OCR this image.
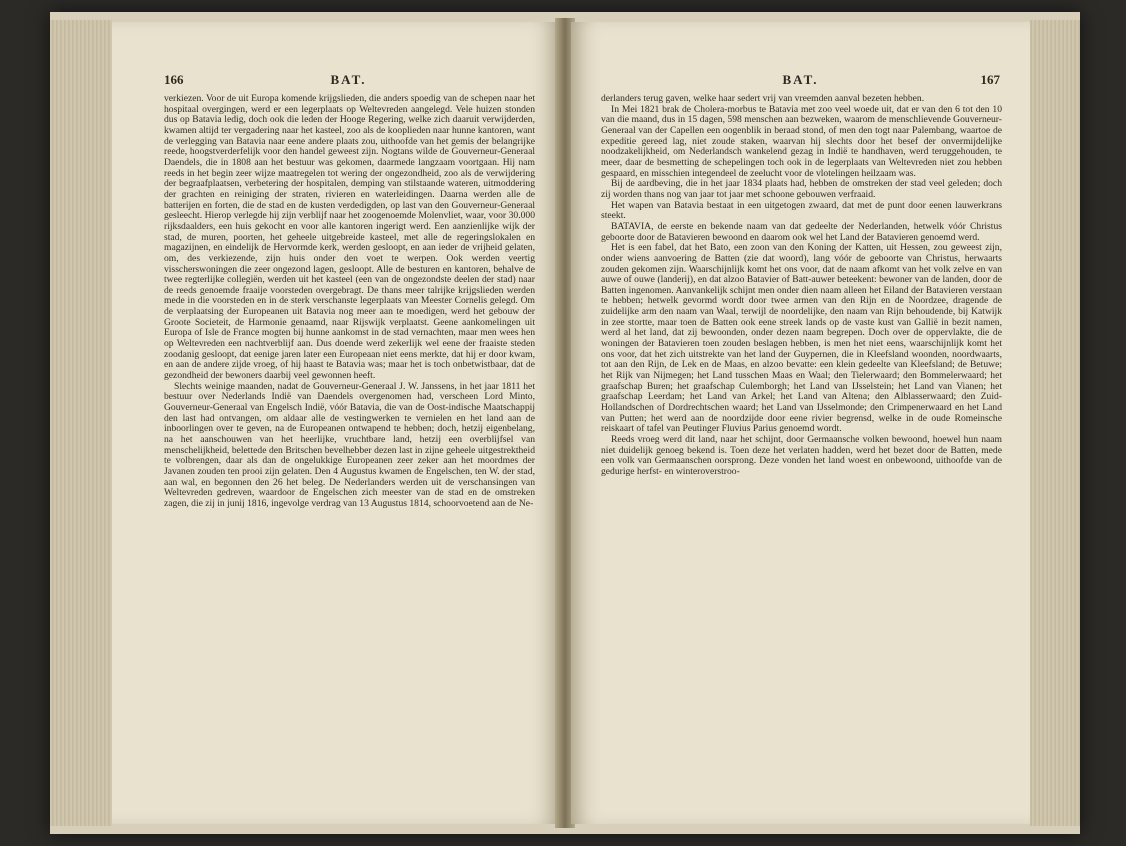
166	BAT.

verkiezen. Voor de uit Europa komende krijgslieden, die anders spoedig van de schepen naar het hospitaal overgingen, werd er een legerplaats op Weltevreden aangelegd. Vele huizen stonden dus op Batavia ledig, doch ook die leden der Hooge Regering, welke zich daaruit verwijderden, kwamen altijd ter vergadering naar het kasteel, zoo als de kooplieden naar hunne kantoren, want de verlegging van Batavia naar eene andere plaats zou, uithoofde van het gemis der belangrijke reede, hoogstverderfelijk voor den handel geweest zijn. Nogtans wilde de Gouverneur-Generaal Daendels, die in 1808 aan het bestuur was gekomen, daarmede langzaam voortgaan. Hij nam reeds in het begin zeer wijze maatregelen tot wering der ongezondheid, zoo als de verwijdering der begraafplaatsen, verbetering der hospitalen, demping van stilstaande wateren, uitmoddering der grachten en reiniging der straten, rivieren en waterleidingen. Daarna werden alle de batterijen en forten, die de stad en de kusten verdedigden, op last van den Gouverneur-Generaal gesleecht. Hierop verlegde hij zijn verblijf naar het zoogenoemde Molenvliet, waar, voor 30.000 rijksdaalders, een huis gekocht en voor alle kantoren ingerigt werd. Een aanzienlijke wijk der stad, de muren, poorten, het geheele uitgebreide kasteel, met alle de regeringslokalen en magazijnen, en eindelijk de Hervormde kerk, werden gesloopt, en aan ieder de vrijheid gelaten, om, des verkiezende, zijn huis onder den voet te werpen. Ook werden veertig visscherswoningen die zeer ongezond lagen, gesloopt. Alle de besturen en kantoren, behalve de twee regterlijke collegiën, werden uit het kasteel (een van de ongezondste deelen der stad) naar de reeds genoemde fraaije voorsteden overgebragt. De thans meer talrijke krijgslieden werden mede in die voorsteden en in de sterk verschanste legerplaats van Meester Cornelis gelegd. Om de verplaatsing der Europeanen uit Batavia nog meer aan te moedigen, werd het gebouw der Groote Societeit, de Harmonie genaamd, naar Rijswijk verplaatst. Geene aankomelingen uit Europa of Isle de France mogten bij hunne aankomst in de stad vernachten, maar men wees hen op Weltevreden een nachtverblijf aan. Dus doende werd zekerlijk wel eene der fraaiste steden zoodanig gesloopt, dat eenige jaren later een Europeaan niet eens merkte, dat hij er door kwam, en aan de andere zijde vroeg, of hij haast te Batavia was; maar het is toch onbetwistbaar, dat de gezondheid der bewoners daarbij veel gewonnen heeft.

Slechts weinige maanden, nadat de Gouverneur-Generaal J. W. Janssens, in het jaar 1811 het bestuur over Nederlands Indië van Daendels overgenomen had, verscheen Lord Minto, Gouverneur-Generaal van Engelsch Indië, vóór Batavia, die van de Oost-indische Maatschappij den last had ontvangen, om aldaar alle de vestingwerken te vernielen en het land aan de inboorlingen over te geven, na de Europeanen ontwapend te hebben; doch, hetzij eigenbelang, na het aanschouwen van het heerlijke, vruchtbare land, hetzij een overblijfsel van menschelijkheid, belettede den Britschen bevelhebber dezen last in zijne geheele uitgestrektheid te volbrengen, daar als dan de ongelukkige Europeanen zeer zeker aan het moordmes der Javanen zouden ten prooi zijn gelaten. Den 4 Augustus kwamen de Engelschen, ten W. der stad, aan wal, en begonnen den 26 het beleg. De Nederlanders werden uit de verschansingen van Weltevreden gedreven, waardoor de Engelschen zich meester van de stad en de omstreken zagen, die zij in junij 1816, ingevolge verdrag van 13 Augustus 1814, schoorvoetend aan de Ne-

BAT.	167

derlanders terug gaven, welke haar sedert vrij van vreemden aanval bezeten hebben.

In Mei 1821 brak de Cholera-morbus te Batavia met zoo veel woede uit, dat er van den 6 tot den 10 van die maand, dus in 15 dagen, 598 menschen aan bezweken, waarom de menschlievende Gouverneur-Generaal van der Capellen een oogenblik in beraad stond, of men den togt naar Palembang, waartoe de expeditie gereed lag, niet zoude staken, waarvan hij slechts door het besef der onvermijdelijke noodzakelijkheid, om Nederlandsch wankelend gezag in Indië te handhaven, werd teruggehouden, te meer, daar de besmetting de schepelingen toch ook in de legerplaats van Weltevreden niet zou hebben gespaard, en misschien integendeel de zeelucht voor de vlotelingen heilzaam was.

Bij de aardbeving, die in het jaar 1834 plaats had, hebben de omstreken der stad veel geleden; doch zij worden thans nog van jaar tot jaar met schoone gebouwen verfraaid.

Het wapen van Batavia bestaat in een uitgetogen zwaard, dat met de punt door eenen lauwerkrans steekt.

BATAVIA, de eerste en bekende naam van dat gedeelte der Nederlanden, hetwelk vóór Christus geboorte door de Batavieren bewoond en daarom ook wel het Land der Batavieren genoemd werd.

Het is een fabel, dat het Bato, een zoon van den Koning der Katten, uit Hessen, zou geweest zijn, onder wiens aanvoering de Batten (zie dat woord), lang vóór de geboorte van Christus, herwaarts zouden gekomen zijn. Waarschijnlijk komt het ons voor, dat de naam afkomt van het volk zelve en van auwe of ouwe (landerij), en dat alzoo Batavier of Batt-auwer beteekent: bewoner van de landen, door de Batten ingenomen. Aanvankelijk schijnt men onder dien naam alleen het Eiland der Batavieren verstaan te hebben; hetwelk gevormd wordt door twee armen van den Rijn en de Noordzee, dragende de zuidelijke arm den naam van Waal, terwijl de noordelijke, den naam van Rijn behoudende, bij Katwijk in zee stortte, maar toen de Batten ook eene streek lands op de vaste kust van Gallië in bezit namen, werd al het land, dat zij bewoonden, onder dezen naam begrepen. Doch over de oppervlakte, die de woningen der Batavieren toen zouden beslagen hebben, is men het niet eens, waarschijnlijk komt het ons voor, dat het zich uitstrekte van het land der Guypernen, die in Kleefsland woonden, noordwaarts, tot aan den Rijn, de Lek en de Maas, en alzoo bevatte: een klein gedeelte van Kleefsland; de Betuwe; het Rijk van Nijmegen; het Land tusschen Maas en Waal; den Tielerwaard; den Bommelerwaard; het graafschap Buren; het graafschap Culemborgh; het Land van IJsselstein; het Land van Vianen; het graafschap Leerdam; het Land van Arkel; het Land van Altena; den Alblasserwaard; den Zuid-Hollandschen of Dordrechtschen waard; het Land van IJsselmonde; den Crimpenerwaard en het Land van Putten; het werd aan de noordzijde door eene rivier begrensd, welke in de oude Romeinsche reiskaart of tafel van Peutinger Fluvius Parius genoemd wordt.

Reeds vroeg werd dit land, naar het schijnt, door Germaansche volken bewoond, hoewel hun naam niet duidelijk genoeg bekend is. Toen deze het verlaten hadden, werd het bezet door de Batten, mede een volk van Germaanschen oorsprong. Deze vonden het land woest en onbewoond, uithoofde van de gedurige herfst- en winteroverstroo-
